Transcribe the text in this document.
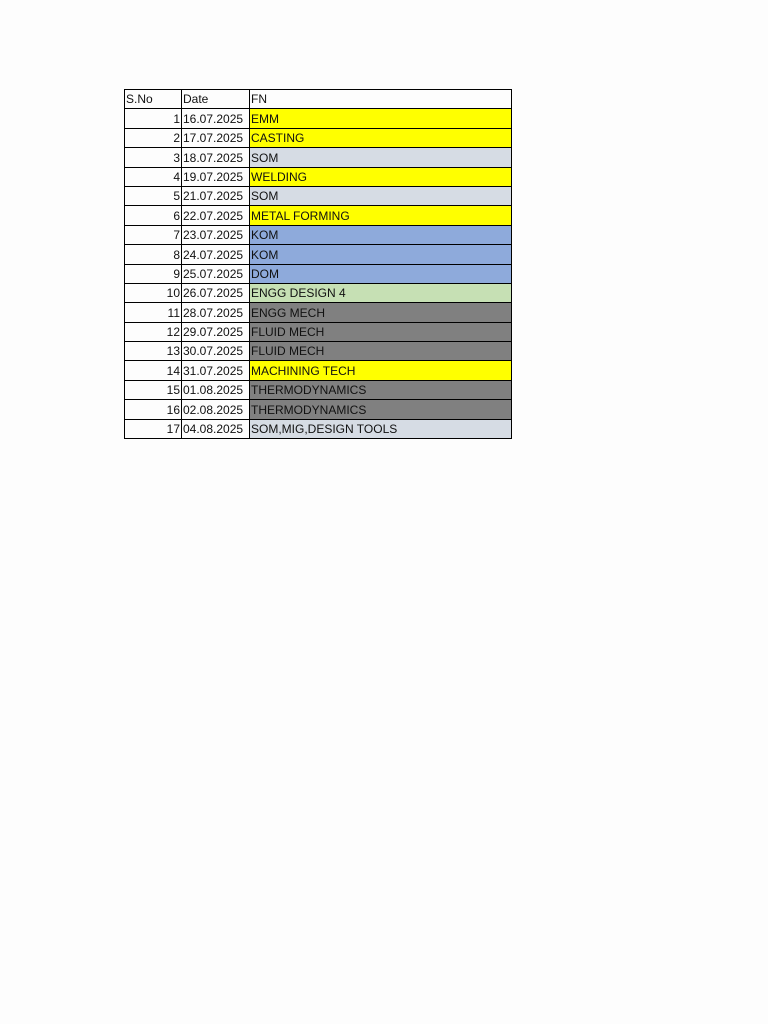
S.No	Date	FN
1	16.07.2025	EMM
2	17.07.2025	CASTING
3	18.07.2025	SOM
4	19.07.2025	WELDING
5	21.07.2025	SOM
6	22.07.2025	METAL FORMING
7	23.07.2025	KOM
8	24.07.2025	KOM
9	25.07.2025	DOM
10	26.07.2025	ENGG DESIGN 4
11	28.07.2025	ENGG MECH
12	29.07.2025	FLUID MECH
13	30.07.2025	FLUID MECH
14	31.07.2025	MACHINING TECH
15	01.08.2025	THERMODYNAMICS
16	02.08.2025	THERMODYNAMICS
17	04.08.2025	SOM,MIG,DESIGN TOOLS
